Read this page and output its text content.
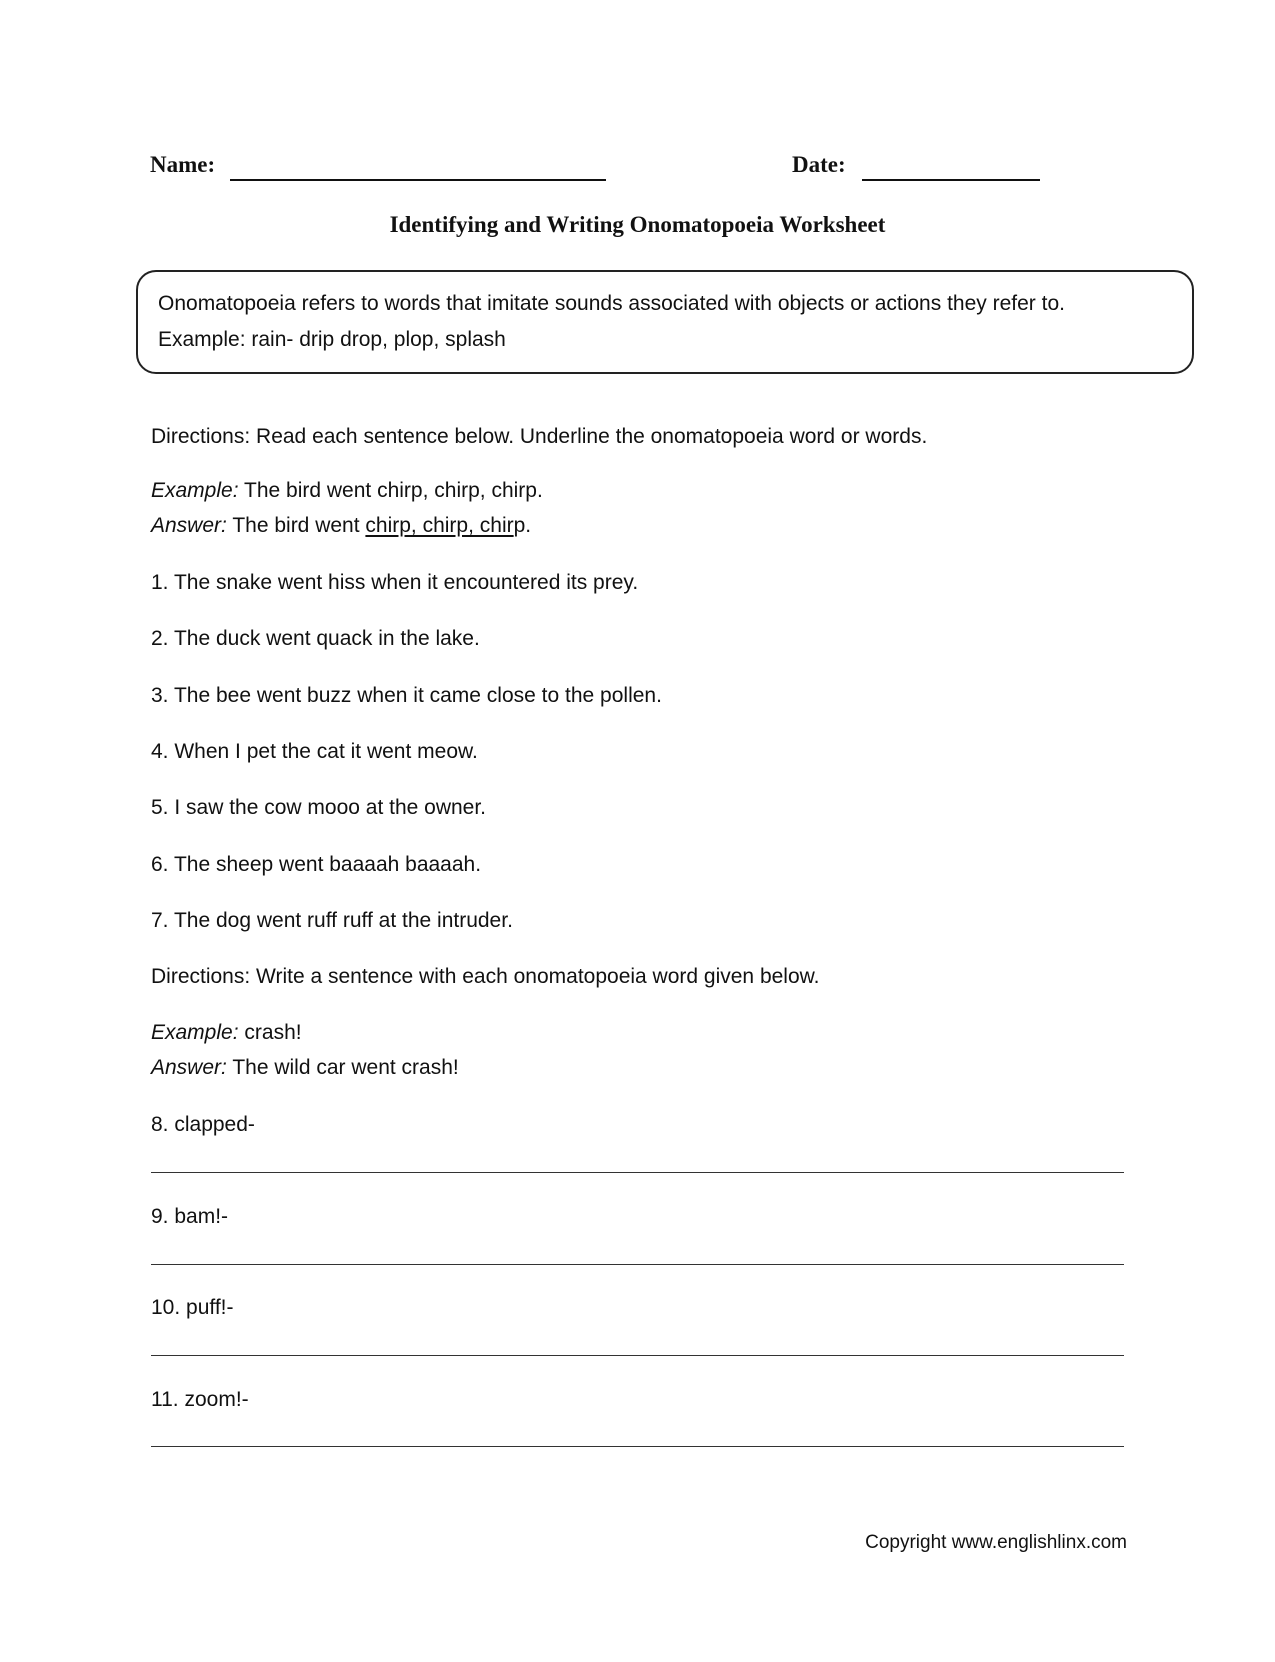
Name:	Date:
Identifying and Writing Onomatopoeia Worksheet
Onomatopoeia refers to words that imitate sounds associated with objects or actions they refer to.
Example: rain- drip drop, plop, splash
Directions: Read each sentence below. Underline the onomatopoeia word or words.
Example: The bird went chirp, chirp, chirp.
Answer: The bird went chirp, chirp, chirp.
1. The snake went hiss when it encountered its prey.
2. The duck went quack in the lake.
3. The bee went buzz when it came close to the pollen.
4. When I pet the cat it went meow.
5. I saw the cow mooo at the owner.
6. The sheep went baaaah baaaah.
7. The dog went ruff ruff at the intruder.
Directions: Write a sentence with each onomatopoeia word given below.
Example: crash!
Answer: The wild car went crash!
8. clapped-
9. bam!-
10. puff!-
11. zoom!-
Copyright www.englishlinx.com
